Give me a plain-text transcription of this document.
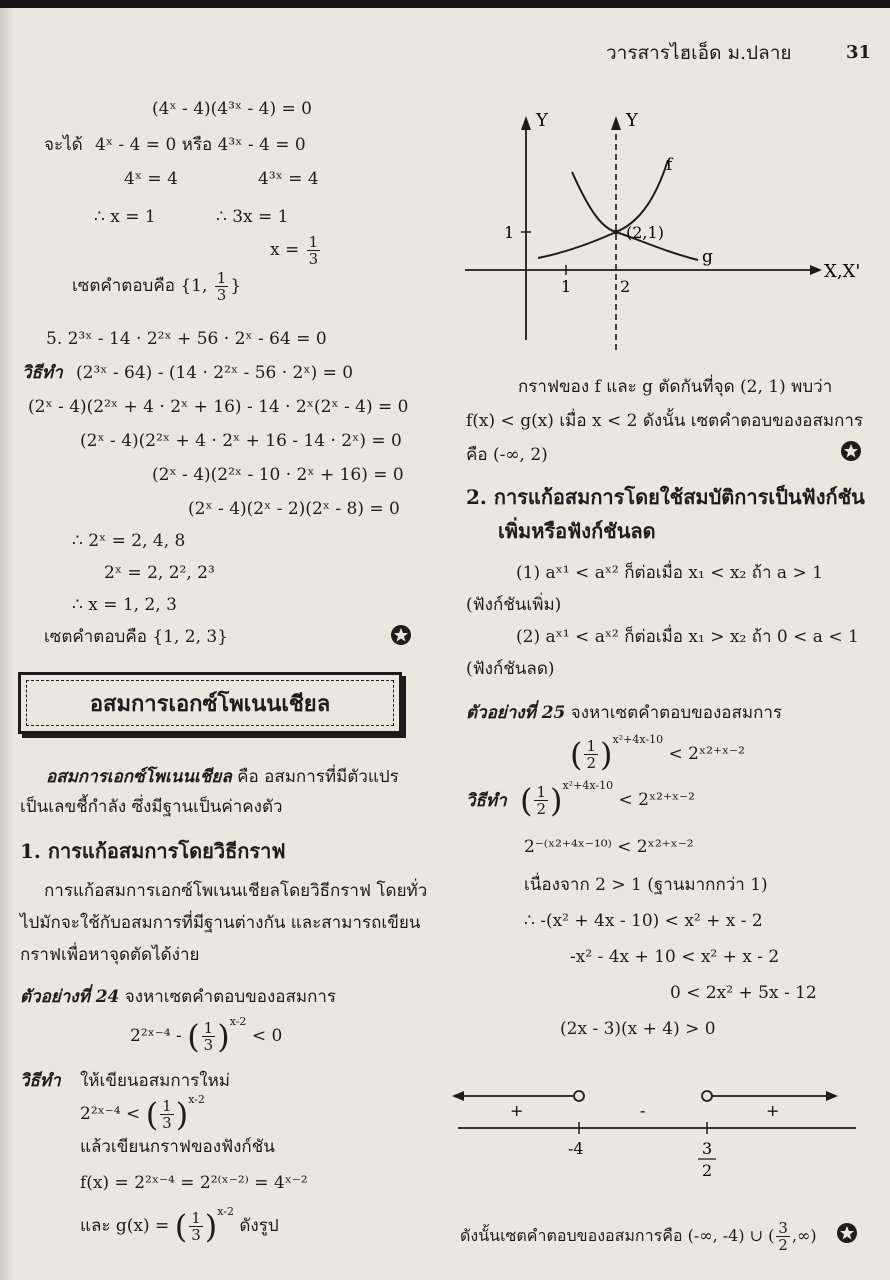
วารสารไฮเอ็ด ม.ปลาย	31
(4ˣ - 4)(4³ˣ - 4) = 0
จะได้ 4ˣ - 4 = 0 หรือ 4³ˣ - 4 = 0
4ˣ = 4	4³ˣ = 4
∴ x = 1	∴ 3x = 1
$x = \frac{1}{3}$
เซตคำตอบคือ {1, $\frac{1}{3}$ }
5. 2³ˣ - 14 · 2²ˣ + 56 · 2ˣ - 64 = 0
วิธีทำ (2³ˣ - 64) - (14 · 2²ˣ - 56 · 2ˣ) = 0
(2ˣ - 4)(2²ˣ + 4 · 2ˣ + 16) - 14 · 2ˣ(2ˣ - 4) = 0
(2ˣ - 4)(2²ˣ + 4 · 2ˣ + 16 - 14 · 2ˣ) = 0
(2ˣ - 4)(2²ˣ - 10 · 2ˣ + 16) = 0
(2ˣ - 4)(2ˣ - 2)(2ˣ - 8) = 0
∴ 2ˣ = 2, 4, 8
2ˣ = 2, 2², 2³
∴ x = 1, 2, 3
เซตคำตอบคือ {1, 2, 3}
อสมการเอกซ์โพเนนเชียล
อสมการเอกซ์โพเนนเชียล คือ อสมการที่มีตัวแปร
เป็นเลขชี้กำลัง ซึ่งมีฐานเป็นค่าคงตัว
1. การแก้อสมการโดยวิธีกราฟ
การแก้อสมการเอกซ์โพเนนเชียลโดยวิธีกราฟ โดยทั่ว
ไปมักจะใช้กับอสมการที่มีฐานต่างกัน และสามารถเขียน
กราฟเพื่อหาจุดตัดได้ง่าย
ตัวอย่างที่ 24 จงหาเซตคำตอบของอสมการ
2²ˣ⁻⁴ - ( $\frac{1}{3} )^{x-2} < 0$
วิธีทำ ให้เขียนอสมการใหม่
2²ˣ⁻⁴ < ( $\frac{1}{3} )^{x-2}$
แล้วเขียนกราฟของฟังก์ชัน
f(x) = 2²ˣ⁻⁴ = 2²⁽ˣ⁻²⁾ = 4ˣ⁻²
และ g(x) = ( $\frac{1}{3} )^{x-2}$ ดังรูป
Y	Y
X,X'
f
g
(2,1)
1
1	2
กราฟของ f และ g ตัดกันที่จุด (2, 1) พบว่า
f(x) < g(x) เมื่อ x < 2 ดังนั้น เซตคำตอบของอสมการ
คือ (-∞, 2)
2. การแก้อสมการโดยใช้สมบัติการเป็นฟังก์ชัน
เพิ่มหรือฟังก์ชันลด
(1) aˣ¹ < aˣ² ก็ต่อเมื่อ x₁ < x₂ ถ้า a > 1
(ฟังก์ชันเพิ่ม)
(2) aˣ¹ < aˣ² ก็ต่อเมื่อ x₁ > x₂ ถ้า 0 < a < 1
(ฟังก์ชันลด)
ตัวอย่างที่ 25 จงหาเซตคำตอบของอสมการ
( $\frac{1}{2} )^{x^2+4x-10}$ < 2ˣ²⁺ˣ⁻²
วิธีทำ ( $\frac{1}{2} )^{x^2+4x-10}$ < 2ˣ²⁺ˣ⁻²
2⁻⁽ˣ²⁺⁴ˣ⁻¹⁰⁾ < 2ˣ²⁺ˣ⁻²
เนื่องจาก 2 > 1 (ฐานมากกว่า 1)
∴ -(x² + 4x - 10) < x² + x - 2
-x² - 4x + 10 < x² + x - 2
0 < 2x² + 5x - 12
(2x - 3)(x + 4) > 0
+	-	+
-4	3
2
ดังนั้นเซตคำตอบของอสมการคือ (-∞, -4) ∪ ( $\frac{3}{2}$ ,∞)
